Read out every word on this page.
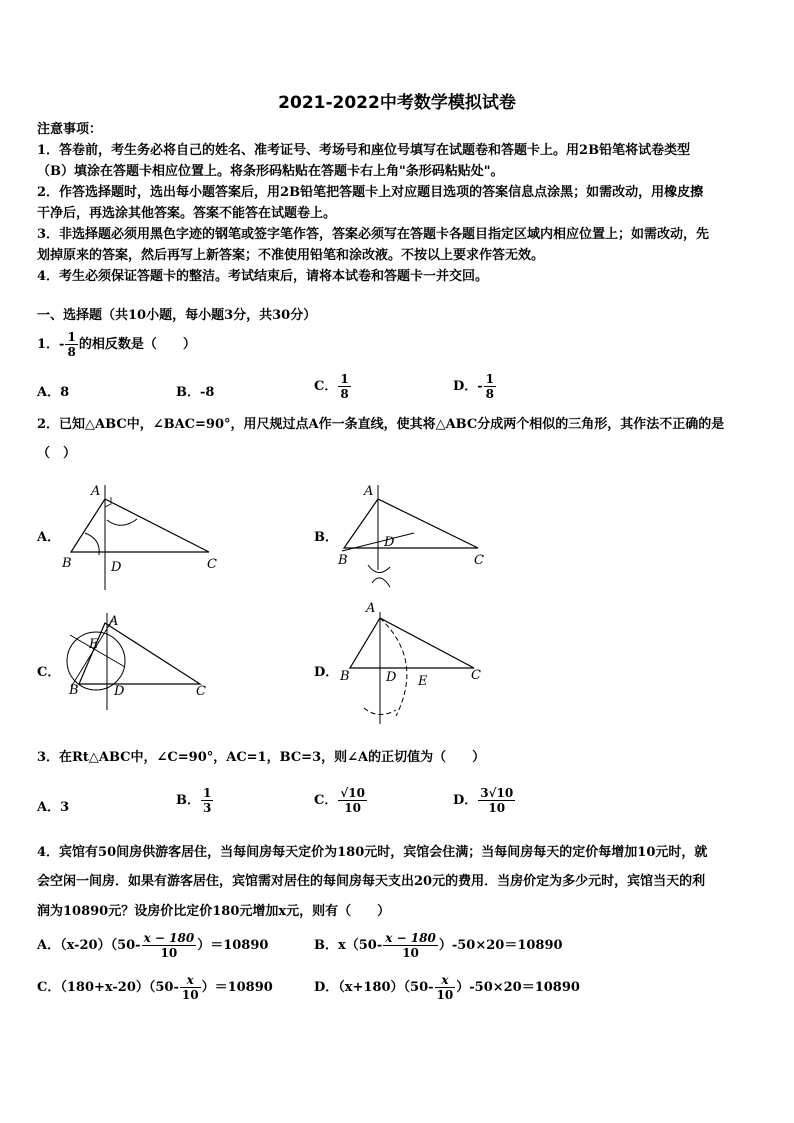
2021-2022中考数学模拟试卷
注意事项：
1．答卷前，考生务必将自己的姓名、准考证号、考场号和座位号填写在试题卷和答题卡上。用2B铅笔将试卷类型
（B）填涂在答题卡相应位置上。将条形码粘贴在答题卡右上角"条形码粘贴处"。
2．作答选择题时，选出每小题答案后，用2B铅笔把答题卡上对应题目选项的答案信息点涂黑；如需改动，用橡皮擦
干净后，再选涂其他答案。答案不能答在试题卷上。
3．非选择题必须用黑色字迹的钢笔或签字笔作答，答案必须写在答题卡各题目指定区域内相应位置上；如需改动，先
划掉原来的答案，然后再写上新答案；不准使用铅笔和涂改液。不按以上要求作答无效。
4．考生必须保证答题卡的整洁。考试结束后，请将本试卷和答题卡一并交回。
一、选择题（共10小题，每小题3分，共30分）
1．- $\frac{1}{8}$ 的相反数是（　　）
A．8	B．-8	C． $\frac{1}{8}$	D．- $\frac{1}{8}$
2．已知△ABC中，∠BAC=90°，用尺规过点A作一条直线，使其将△ABC分成两个相似的三角形，其作法不正确的是
（　）
A．	B．
C．	D．
A
B	D	C
A
B
D
C
A
E
B	D	C
A
B	D E	C
3．在Rt△ABC中，∠C=90°，AC=1，BC=3，则∠A的正切值为（　　）
A．3	B． $\frac{1}{3}$	C． $\frac{√10}{10}$	D． $\frac{3√10}{10}$
4．宾馆有50间房供游客居住，当每间房每天定价为180元时，宾馆会住满；当每间房每天的定价每增加10元时，就
会空闲一间房．如果有游客居住，宾馆需对居住的每间房每天支出20元的费用．当房价定为多少元时，宾馆当天的利
润为10890元？设房价比定价180元增加x元，则有（　　）
A．$(x-20)(50- \frac{x - 180}{10} )=10890$	B．$x(50- \frac{x - 180}{10} )-50\times 20=10890$
C．$(180+x-20)(50- \frac{x}{10} )=10890$	D．$(x+180)(50- \frac{x}{10} )-50\times 20=10890$
